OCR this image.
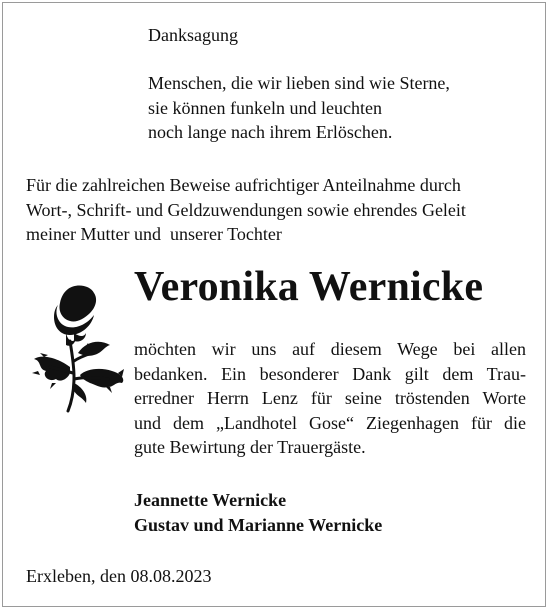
Danksagung
Menschen, die wir lieben sind wie Sterne,
sie können funkeln und leuchten
noch lange nach ihrem Erlöschen.
Für die zahlreichen Beweise aufrichtiger Anteilnahme durch
Wort-, Schrift- und Geldzuwendungen sowie ehrendes Geleit
meiner Mutter und  unserer Tochter
Veronika Wernicke
möchten wir uns auf diesem Wege bei allen
bedanken. Ein besonderer Dank gilt dem Trau-
erredner Herrn Lenz für seine tröstenden Worte
und dem „Landhotel Gose“ Ziegenhagen für die
gute Bewirtung der Trauergäste.
Jeannette Wernicke
Gustav und Marianne Wernicke
Erxleben, den 08.08.2023
